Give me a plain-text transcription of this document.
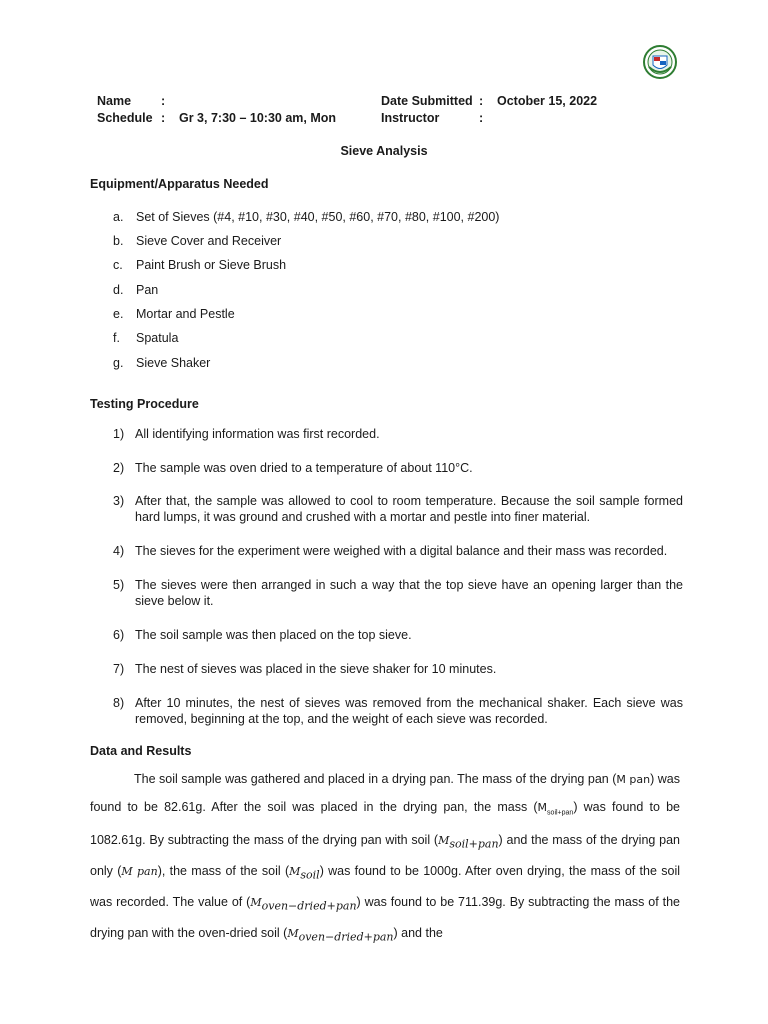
Name :
Schedule : Gr 3, 7:30 – 10:30 am, Mon
Date Submitted : October 15, 2022
Instructor	:
Sieve Analysis
Equipment/Apparatus Needed
a. Set of Sieves (#4, #10, #30, #40, #50, #60, #70, #80, #100, #200)
b. Sieve Cover and Receiver
c. Paint Brush or Sieve Brush
d. Pan
e. Mortar and Pestle
f. Spatula
g. Sieve Shaker
Testing Procedure
1) All identifying information was first recorded.
2) The sample was oven dried to a temperature of about 110°C.
3) After that, the sample was allowed to cool to room temperature. Because the soil sample formed hard lumps, it was ground and crushed with a mortar and pestle into finer material.
4) The sieves for the experiment were weighed with a digital balance and their mass was recorded.
5) The sieves were then arranged in such a way that the top sieve have an opening larger than the sieve below it.
6) The soil sample was then placed on the top sieve.
7) The nest of sieves was placed in the sieve shaker for 10 minutes.
8) After 10 minutes, the nest of sieves was removed from the mechanical shaker. Each sieve was removed, beginning at the top, and the weight of each sieve was recorded.
Data and Results
The soil sample was gathered and placed in a drying pan. The mass of the drying pan (M pan) was found to be 82.61g. After the soil was placed in the drying pan, the mass $(M_{soil+pan})$ was found to be 1082.61g. By subtracting the mass of the drying pan with soil $(M_{soil+pan})$ and the mass of the drying pan only (M pan), the mass of the soil $(M_{soil})$ was found to be 1000g. After oven drying, the mass of the soil was recorded. The value of $(M_{oven-dried+pan})$ was found to be 711.39g. By subtracting the mass of the drying pan with the oven-dried soil $(M_{oven-dried+pan})$ and the
